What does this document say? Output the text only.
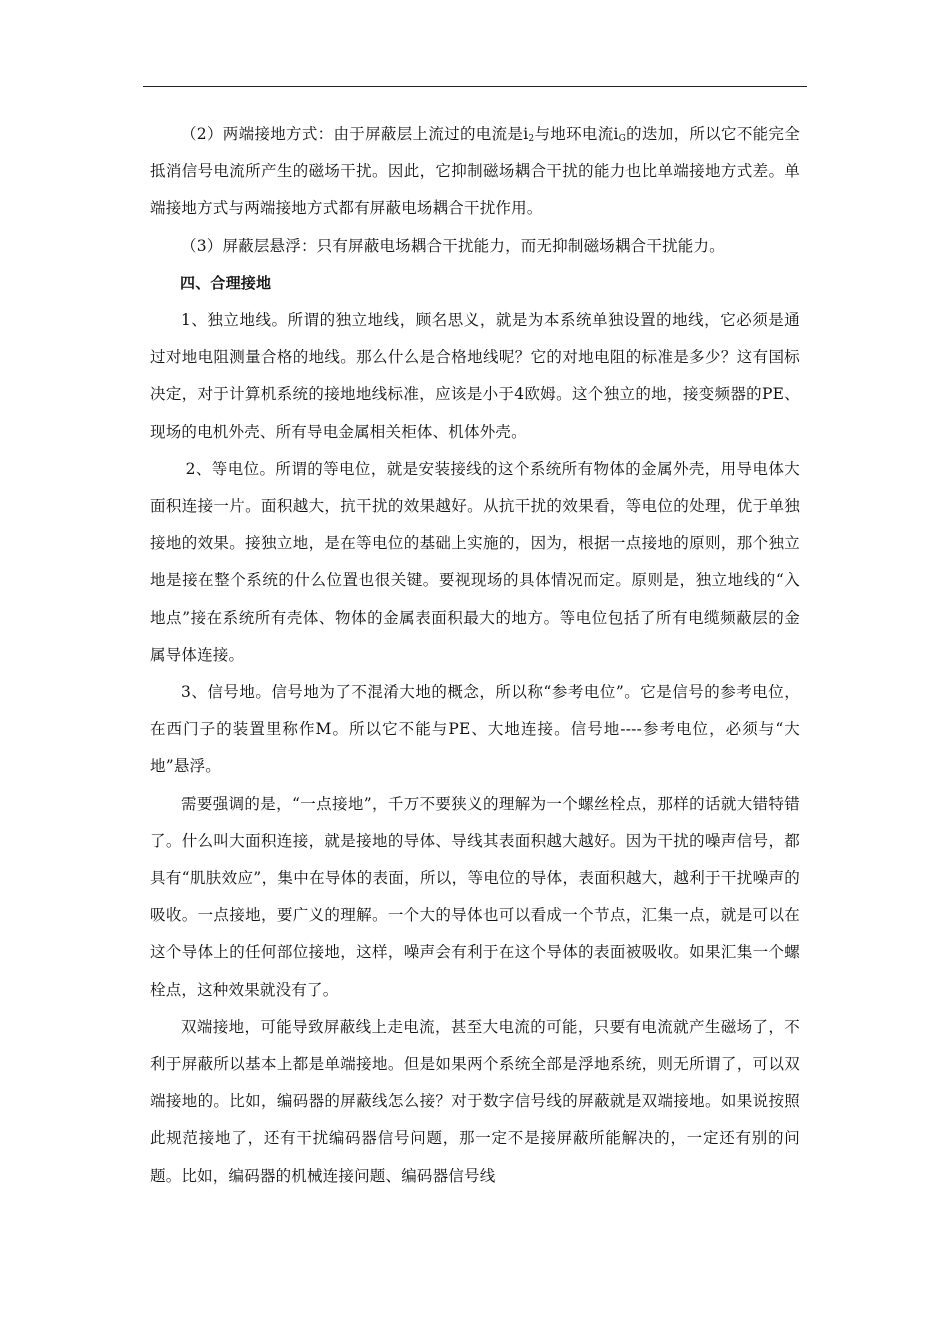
（2）两端接地方式：由于屏蔽层上流过的电流是$i_2$与地环电流$i_G$的迭加，所以它不能完全抵消信号电流所产生的磁场干扰。因此，它抑制磁场耦合干扰的能力也比单端接地方式差。单端接地方式与两端接地方式都有屏蔽电场耦合干扰作用。

（3）屏蔽层悬浮：只有屏蔽电场耦合干扰能力，而无抑制磁场耦合干扰能力。

四、合理接地

1、独立地线。所谓的独立地线，顾名思义，就是为本系统单独设置的地线，它必须是通过对地电阻测量合格的地线。那么什么是合格地线呢？它的对地电阻的标准是多少？这有国标决定，对于计算机系统的接地地线标准，应该是小于4欧姆。这个独立的地，接变频器的PE、现场的电机外壳、所有导电金属相关柜体、机体外壳。

2、等电位。所谓的等电位，就是安装接线的这个系统所有物体的金属外壳，用导电体大面积连接一片。面积越大，抗干扰的效果越好。从抗干扰的效果看，等电位的处理，优于单独接地的效果。接独立地，是在等电位的基础上实施的，因为，根据一点接地的原则，那个独立地是接在整个系统的什么位置也很关键。要视现场的具体情况而定。原则是，独立地线的“入地点”接在系统所有壳体、物体的金属表面积最大的地方。等电位包括了所有电缆频蔽层的金属导体连接。

3、信号地。信号地为了不混淆大地的概念，所以称“参考电位”。它是信号的参考电位，在西门子的装置里称作M。所以它不能与PE、大地连接。信号地----参考电位，必须与“大地”悬浮。

需要强调的是，“一点接地”，千万不要狭义的理解为一个螺丝栓点，那样的话就大错特错了。什么叫大面积连接，就是接地的导体、导线其表面积越大越好。因为干扰的噪声信号，都具有“肌肤效应”，集中在导体的表面，所以，等电位的导体，表面积越大，越利于干扰噪声的吸收。一点接地，要广义的理解。一个大的导体也可以看成一个节点，汇集一点，就是可以在这个导体上的任何部位接地，这样，噪声会有利于在这个导体的表面被吸收。如果汇集一个螺栓点，这种效果就没有了。

双端接地，可能导致屏蔽线上走电流，甚至大电流的可能，只要有电流就产生磁场了，不利于屏蔽所以基本上都是单端接地。但是如果两个系统全部是浮地系统，则无所谓了，可以双端接地的。比如，编码器的屏蔽线怎么接？对于数字信号线的屏蔽就是双端接地。如果说按照此规范接地了，还有干扰编码器信号问题，那一定不是接屏蔽所能解决的，一定还有别的问题。比如，编码器的机械连接问题、编码器信号线
